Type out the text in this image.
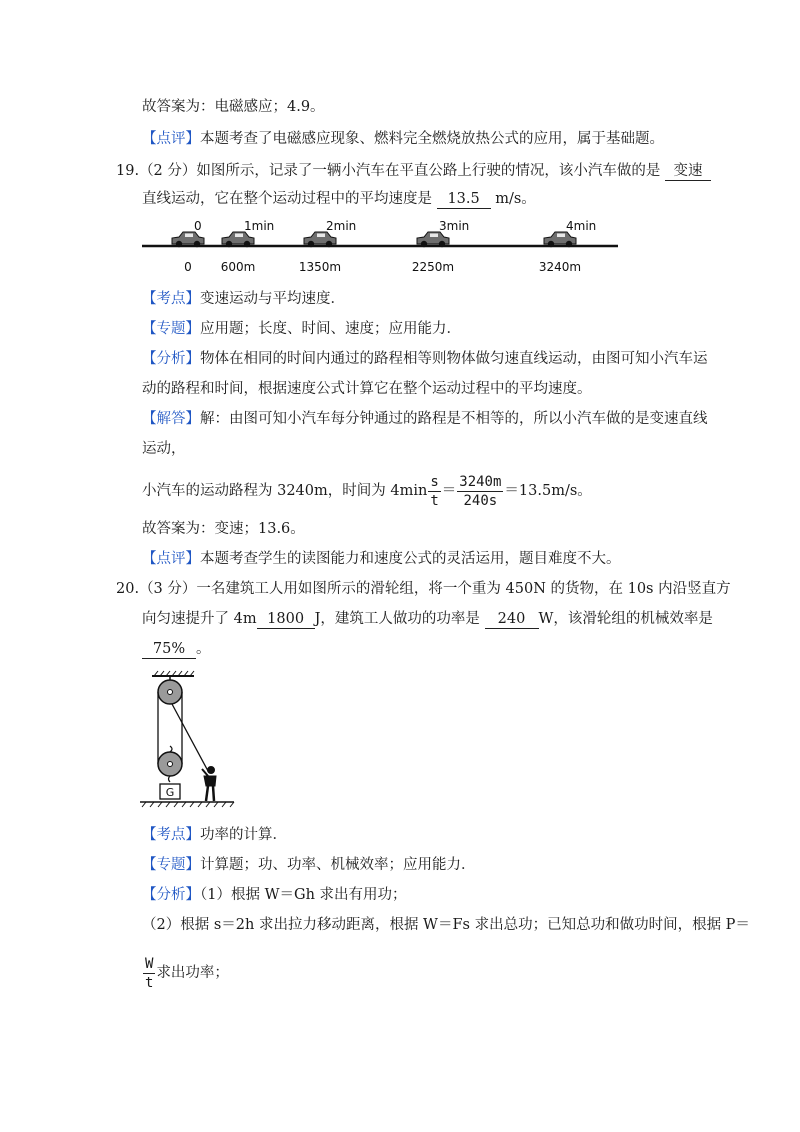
故答案为：电磁感应；4.9。
【点评】本题考查了电磁感应现象、燃料完全燃烧放热公式的应用，属于基础题。
19.（2 分）如图所示，记录了一辆小汽车在平直公路上行驶的情况，该小汽车做的是 变速
直线运动，它在整个运动过程中的平均速度是 13.5 m/s。
0	1min	2min	3min	4min
0 600m	1350m	2250m	3240m
【考点】变速运动与平均速度．
【专题】应用题；长度、时间、速度；应用能力．
【分析】物体在相同的时间内通过的路程相等则物体做匀速直线运动，由图可知小汽车运
动的路程和时间，根据速度公式计算它在整个运动过程中的平均速度。
【解答】解：由图可知小汽车每分钟通过的路程是不相等的，所以小汽车做的是变速直线
运动，
小汽车的运动路程为 3240m，时间为 $4\min \frac{s}{t} = \frac{3240m}{240s} =13.5m/s$。
故答案为：变速；13.6。
【点评】本题考查学生的读图能力和速度公式的灵活运用，题目难度不大。
20.（3 分）一名建筑工人用如图所示的滑轮组，将一个重为 450N 的货物，在 10s 内沿竖直方
向匀速提升了 4m 1800 J，建筑工人做功的功率是 240 W，该滑轮组的机械效率是
75% 。
G
【考点】功率的计算．
【专题】计算题；功、功率、机械效率；应用能力．
【分析】（1）根据 W＝Gh 求出有用功；
（2）根据 s＝2h 求出拉力移动距离，根据 W＝Fs 求出总功；已知总功和做功时间，根据 P＝
$\frac{W}{t}$ 求出功率；
